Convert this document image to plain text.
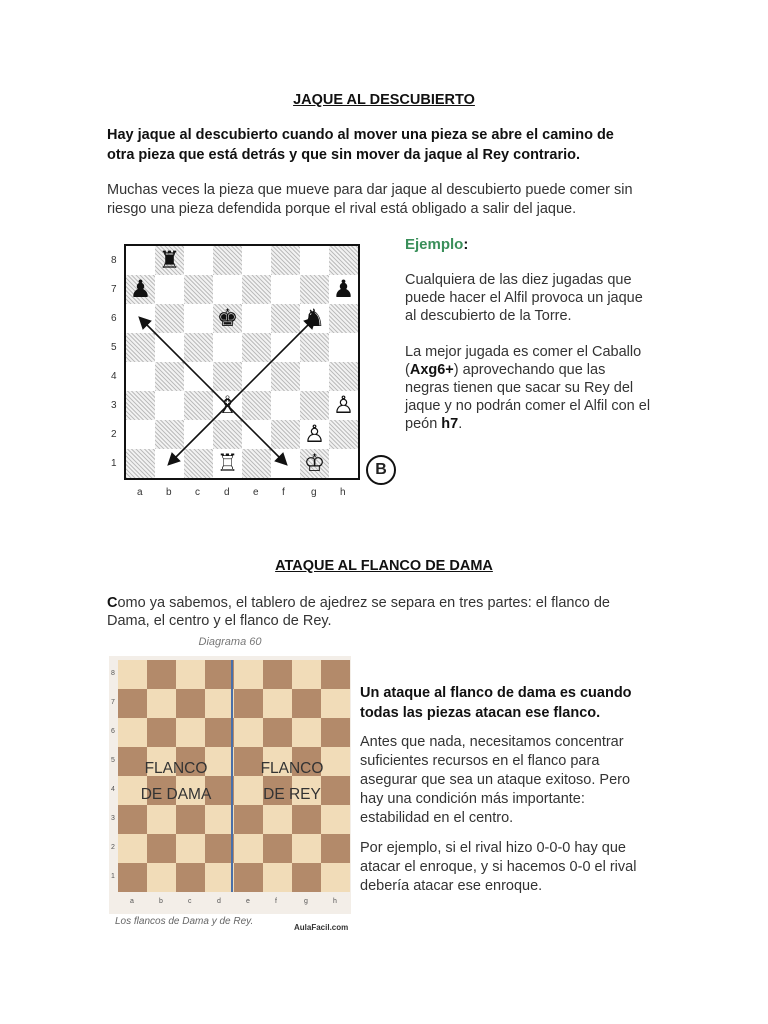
JAQUE AL DESCUBIERTO
Hay jaque al descubierto cuando al mover una pieza se abre el camino de
otra pieza que está detrás y que sin mover da jaque al Rey contrario.
Muchas veces la pieza que mueve para dar jaque al descubierto puede comer sin
riesgo una pieza defendida porque el rival está obligado a salir del jaque.
8
7
6
5
4
3
2
1
♜
♟	♟
♚	♞
♗	♙
♙
♖	♔
a b c d e f	g h
B
Ejemplo:
Cualquiera de las diez jugadas que
puede hacer el Alfil provoca un jaque
al descubierto de la Torre.
La mejor jugada es comer el Caballo
(Axg6+) aprovechando que las
negras tienen que sacar su Rey del
jaque y no podrán comer el Alfil con el
peón h7.
ATAQUE AL FLANCO DE DAMA
Como ya sabemos, el tablero de ajedrez se separa en tres partes: el flanco de
Dama, el centro y el flanco de Rey.
Diagrama 60
8
7
6
5
4
3
2
1
FLANCO
DE DAMA
FLANCO
DE REY
a	b	c	d	e	f	g	h
Los flancos de Dama y de Rey.
AulaFacil.com
Un ataque al flanco de dama es cuando
todas las piezas atacan ese flanco.
Antes que nada, necesitamos concentrar
suficientes recursos en el flanco para
asegurar que sea un ataque exitoso. Pero
hay una condición más importante:
estabilidad en el centro.
Por ejemplo, si el rival hizo 0-0-0 hay que
atacar el enroque, y si hacemos 0-0 el rival
debería atacar ese enroque.
